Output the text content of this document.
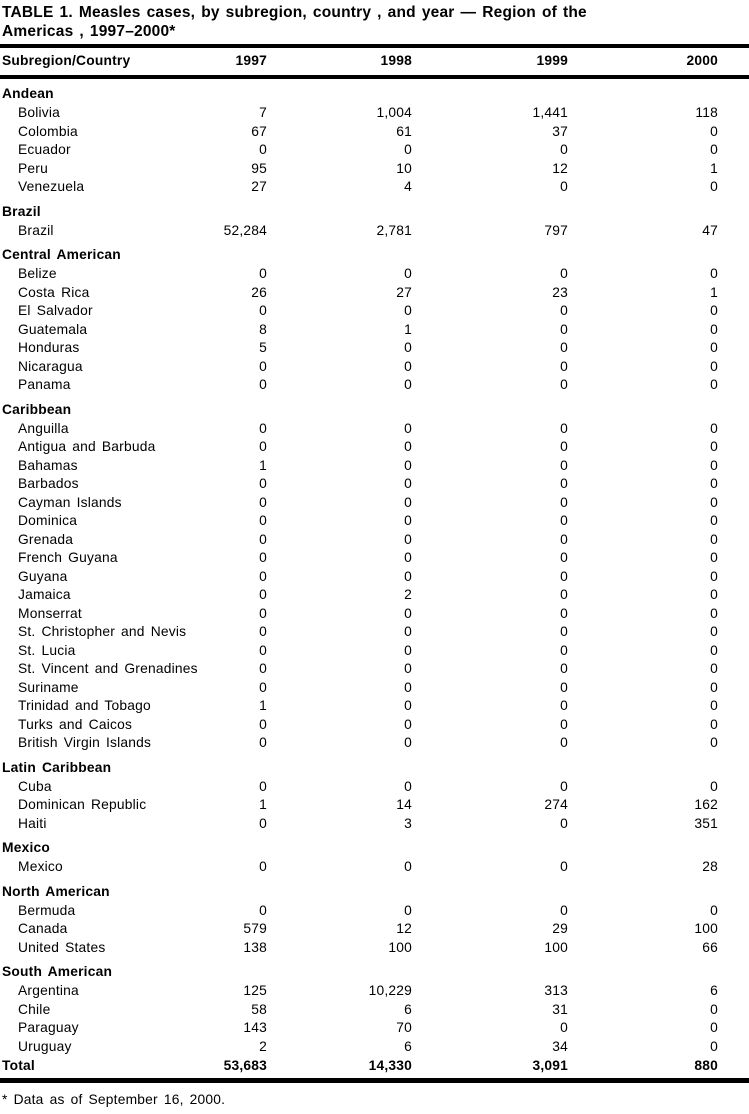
TABLE 1. Measles cases, by subregion, country , and year — Region of the
Americas , 1997–2000*
Subregion/Country	1997	1998	1999	2000
Andean				
Bolivia	7	1,004	1,441	118
Colombia	67	61	37	0
Ecuador	0	0	0	0
Peru	95	10	12	1
Venezuela	27	4	0	0
Brazil				
Brazil	52,284	2,781	797	47
Central American				
Belize	0	0	0	0
Costa Rica	26	27	23	1
El Salvador	0	0	0	0
Guatemala	8	1	0	0
Honduras	5	0	0	0
Nicaragua	0	0	0	0
Panama	0	0	0	0
Caribbean				
Anguilla	0	0	0	0
Antigua and Barbuda	0	0	0	0
Bahamas	1	0	0	0
Barbados	0	0	0	0
Cayman Islands	0	0	0	0
Dominica	0	0	0	0
Grenada	0	0	0	0
French Guyana	0	0	0	0
Guyana	0	0	0	0
Jamaica	0	2	0	0
Monserrat	0	0	0	0
St. Christopher and Nevis	0	0	0	0
St. Lucia	0	0	0	0
St. Vincent and Grenadines	0	0	0	0
Suriname	0	0	0	0
Trinidad and Tobago	1	0	0	0
Turks and Caicos	0	0	0	0
British Virgin Islands	0	0	0	0
Latin Caribbean				
Cuba	0	0	0	0
Dominican Republic	1	14	274	162
Haiti	0	3	0	351
Mexico				
Mexico	0	0	0	28
North American				
Bermuda	0	0	0	0
Canada	579	12	29	100
United States	138	100	100	66
South American				
Argentina	125	10,229	313	6
Chile	58	6	31	0
Paraguay	143	70	0	0
Uruguay	2	6	34	0
Total	53,683	14,330	3,091	880
* Data as of September 16, 2000.
